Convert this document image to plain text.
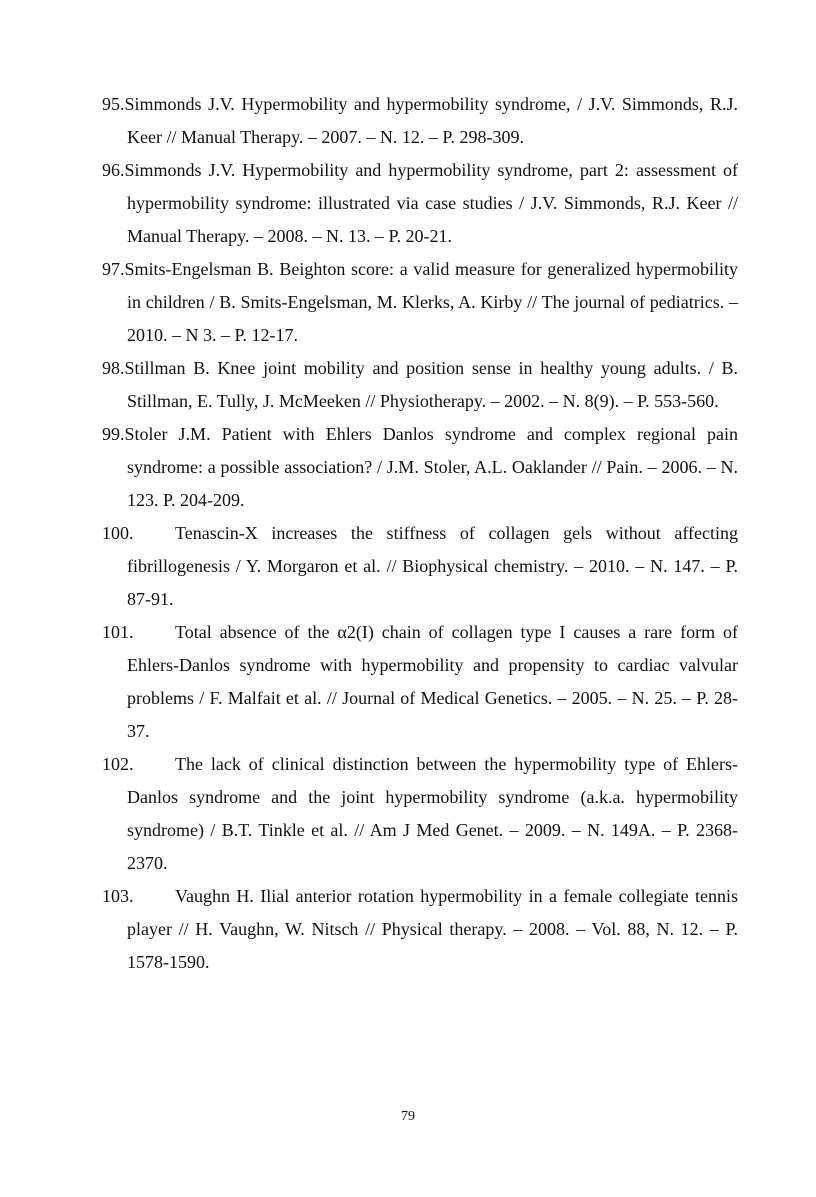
95.Simmonds J.V. Hypermobility and hypermobility syndrome, / J.V. Simmonds, R.J. Keer // Manual Therapy. – 2007. – N. 12. – P. 298-309.
96.Simmonds J.V. Hypermobility and hypermobility syndrome, part 2: assessment of hypermobility syndrome: illustrated via case studies / J.V. Simmonds, R.J. Keer // Manual Therapy. – 2008. – N. 13. – P. 20-21.
97.Smits-Engelsman B. Beighton score: a valid measure for generalized hypermobility in children / B. Smits-Engelsman, M. Klerks, A. Kirby // The journal of pediatrics. – 2010. – N 3. – P. 12-17.
98.Stillman B. Knee joint mobility and position sense in healthy young adults. / B. Stillman, E. Tully, J. McMeeken // Physiotherapy. – 2002. – N. 8(9). – P. 553-560.
99.Stoler J.M. Patient with Ehlers Danlos syndrome and complex regional pain syndrome: a possible association? / J.M. Stoler, A.L. Oaklander // Pain. – 2006. – N. 123. P. 204-209.
100. Tenascin-X increases the stiffness of collagen gels without affecting fibrillogenesis / Y. Morgaron et al. // Biophysical chemistry. – 2010. – N. 147. – P. 87-91.
101. Total absence of the α2(I) chain of collagen type I causes a rare form of Ehlers-Danlos syndrome with hypermobility and propensity to cardiac valvular problems / F. Malfait et al. // Journal of Medical Genetics. – 2005. – N. 25. – P. 28-37.
102. The lack of clinical distinction between the hypermobility type of Ehlers-Danlos syndrome and the joint hypermobility syndrome (a.k.a. hypermobility syndrome) / B.T. Tinkle et al. // Am J Med Genet. – 2009. – N. 149A. – P. 2368-2370.
103. Vaughn H. Ilial anterior rotation hypermobility in a female collegiate tennis player // H. Vaughn, W. Nitsch // Physical therapy. – 2008. – Vol. 88, N. 12. – P. 1578-1590.
79
